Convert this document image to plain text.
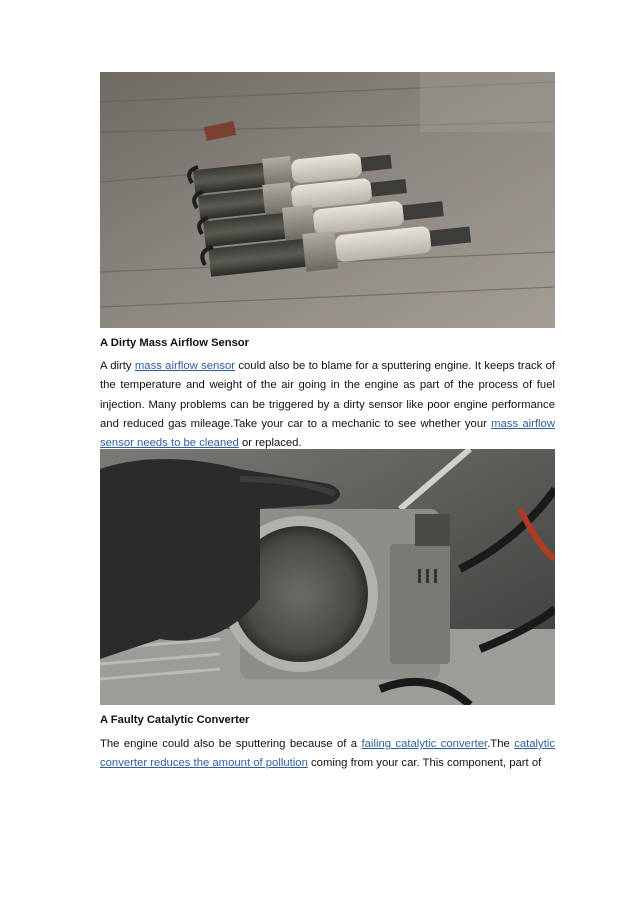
A Dirty Mass Airflow Sensor

A dirty mass airflow sensor could also be to blame for a sputtering engine. It keeps track of the temperature and weight of the air going in the engine as part of the process of fuel injection. Many problems can be triggered by a dirty sensor like poor engine performance and reduced gas mileage.Take your car to a mechanic to see whether your mass airflow sensor needs to be cleaned or replaced.

A Faulty Catalytic Converter

The engine could also be sputtering because of a failing catalytic converter.The catalytic converter reduces the amount of pollution coming from your car. This component, part of
